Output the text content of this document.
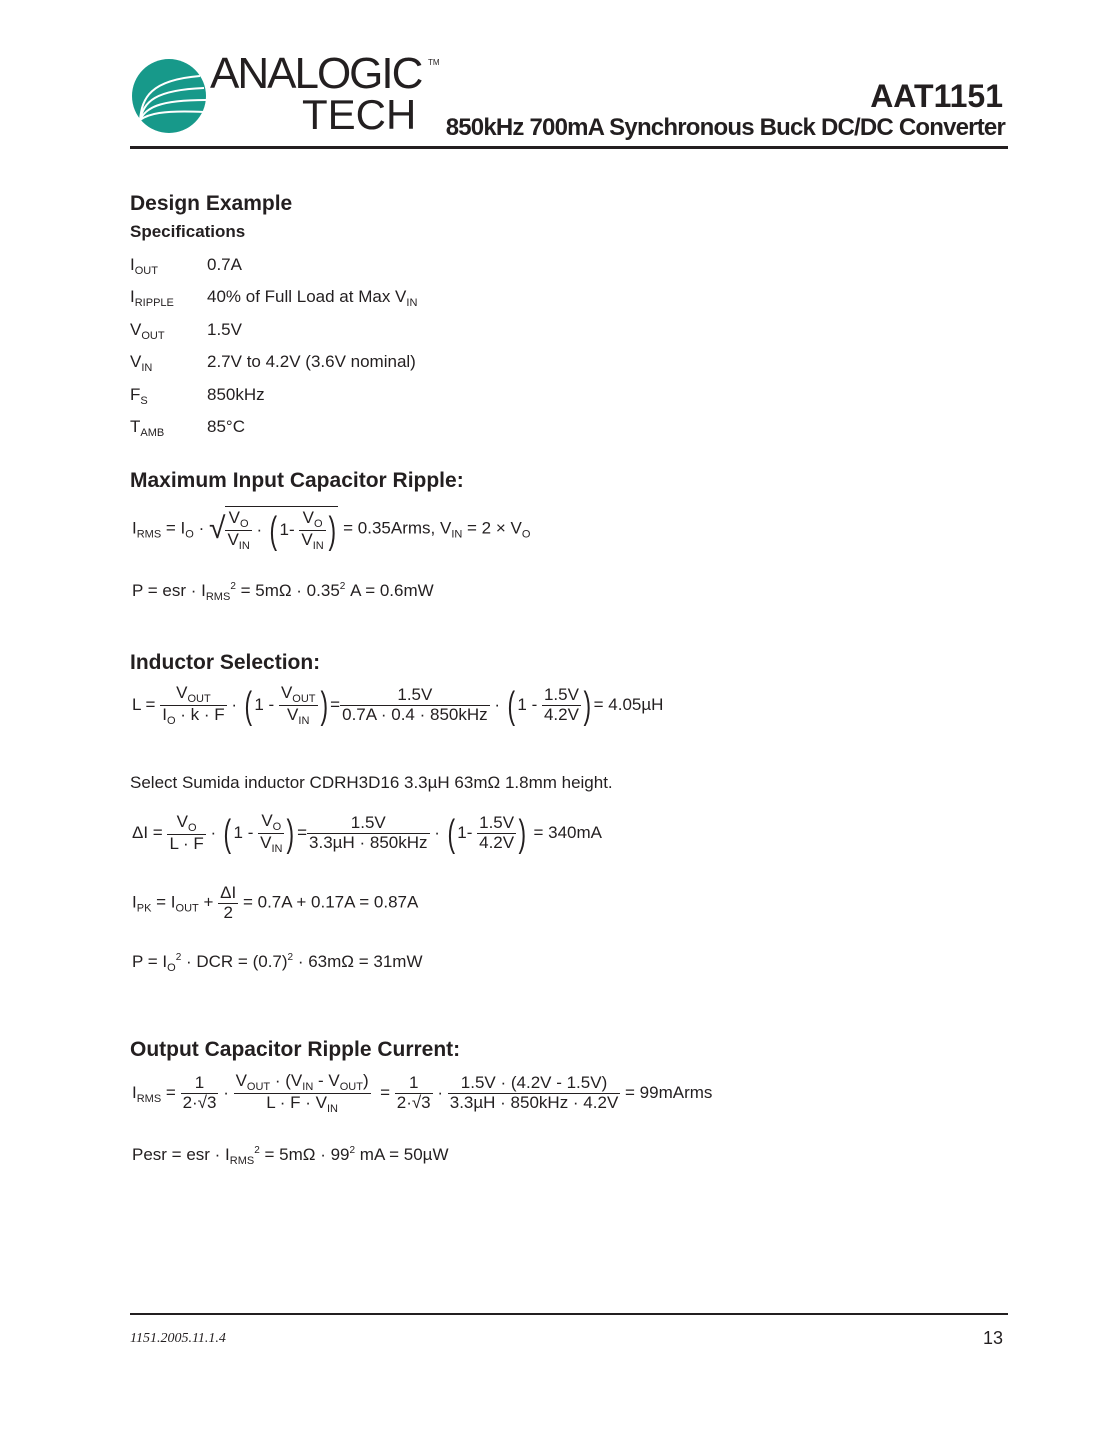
ANALOGIC TM
TECH	AAT1151
850kHz 700mA Synchronous Buck DC/DC Converter
Design Example
Specifications
$I_{OUT}$	0.7A
$I_{RIPPLE}$	40% of Full Load at Max $V_{IN}$
$V_{OUT}$	1.5V
$V_{IN}$	2.7V to 4.2V (3.6V nominal)
$F_S$	850kHz
$T_{AMB}$	85°C
Maximum Input Capacitor Ripple:
$I_{RMS} = I_O$ · √ $\frac{V_O}{V_{IN}}$ · ( $1- \frac{V_O}{V_{IN}}$ ) = 0.35Arms, $V_{IN} = 2 \times V_O$
P = esr · $I_{RMS}^2 = 5m\Omega \cdot 0.35^2$ A = 0.6mW
Inductor Selection:
$L = \frac{V_{OUT}}{I_O \cdot k \cdot F}$ · ( $1 - \frac{V_{OUT}}{V_{IN}}$ ) = $\frac{1.5V}{\text{0.7A · 0.4 · 850kHz}}$ · ( $1 - \frac{1.5V}{4.2V}$ ) = 4.05µH
Select Sumida inductor CDRH3D16 3.3µH 63mΩ 1.8mm height.
$\Delta I = \frac{V_O}{L \cdot F}$ · ( $1 - \frac{V_O}{V_{IN}}$ ) = $\frac{1.5V}{\text{3.3µH · 850kHz}}$ · ( $1- \frac{1.5V}{4.2V}$ ) = 340mA
$I_{PK} = I_{OUT} + \frac{\Delta I}{2} = 0.7A + 0.17A = 0.87A$
$P = I_O^2$ · DCR = $(0.7)^2 \cdot 63m\Omega = 31mW$
Output Capacitor Ripple Current:
$I_{RMS} = \frac{1}{2\cdot√3} \cdot \frac{V_{OUT} \cdot (V_{IN} - V_{OUT})}{L \cdot F \cdot V_{IN}} = \frac{1}{2\cdot√3} \cdot \frac{1.5V \cdot (4.2V - 1.5V)}{\text{3.3µH · 850kHz · 4.2V}}$ = 99mArms
Pesr = esr · $I_{RMS}^2 = 5m\Omega \cdot 99^2$ mA = 50µW
1151.2005.11.1.4	13
